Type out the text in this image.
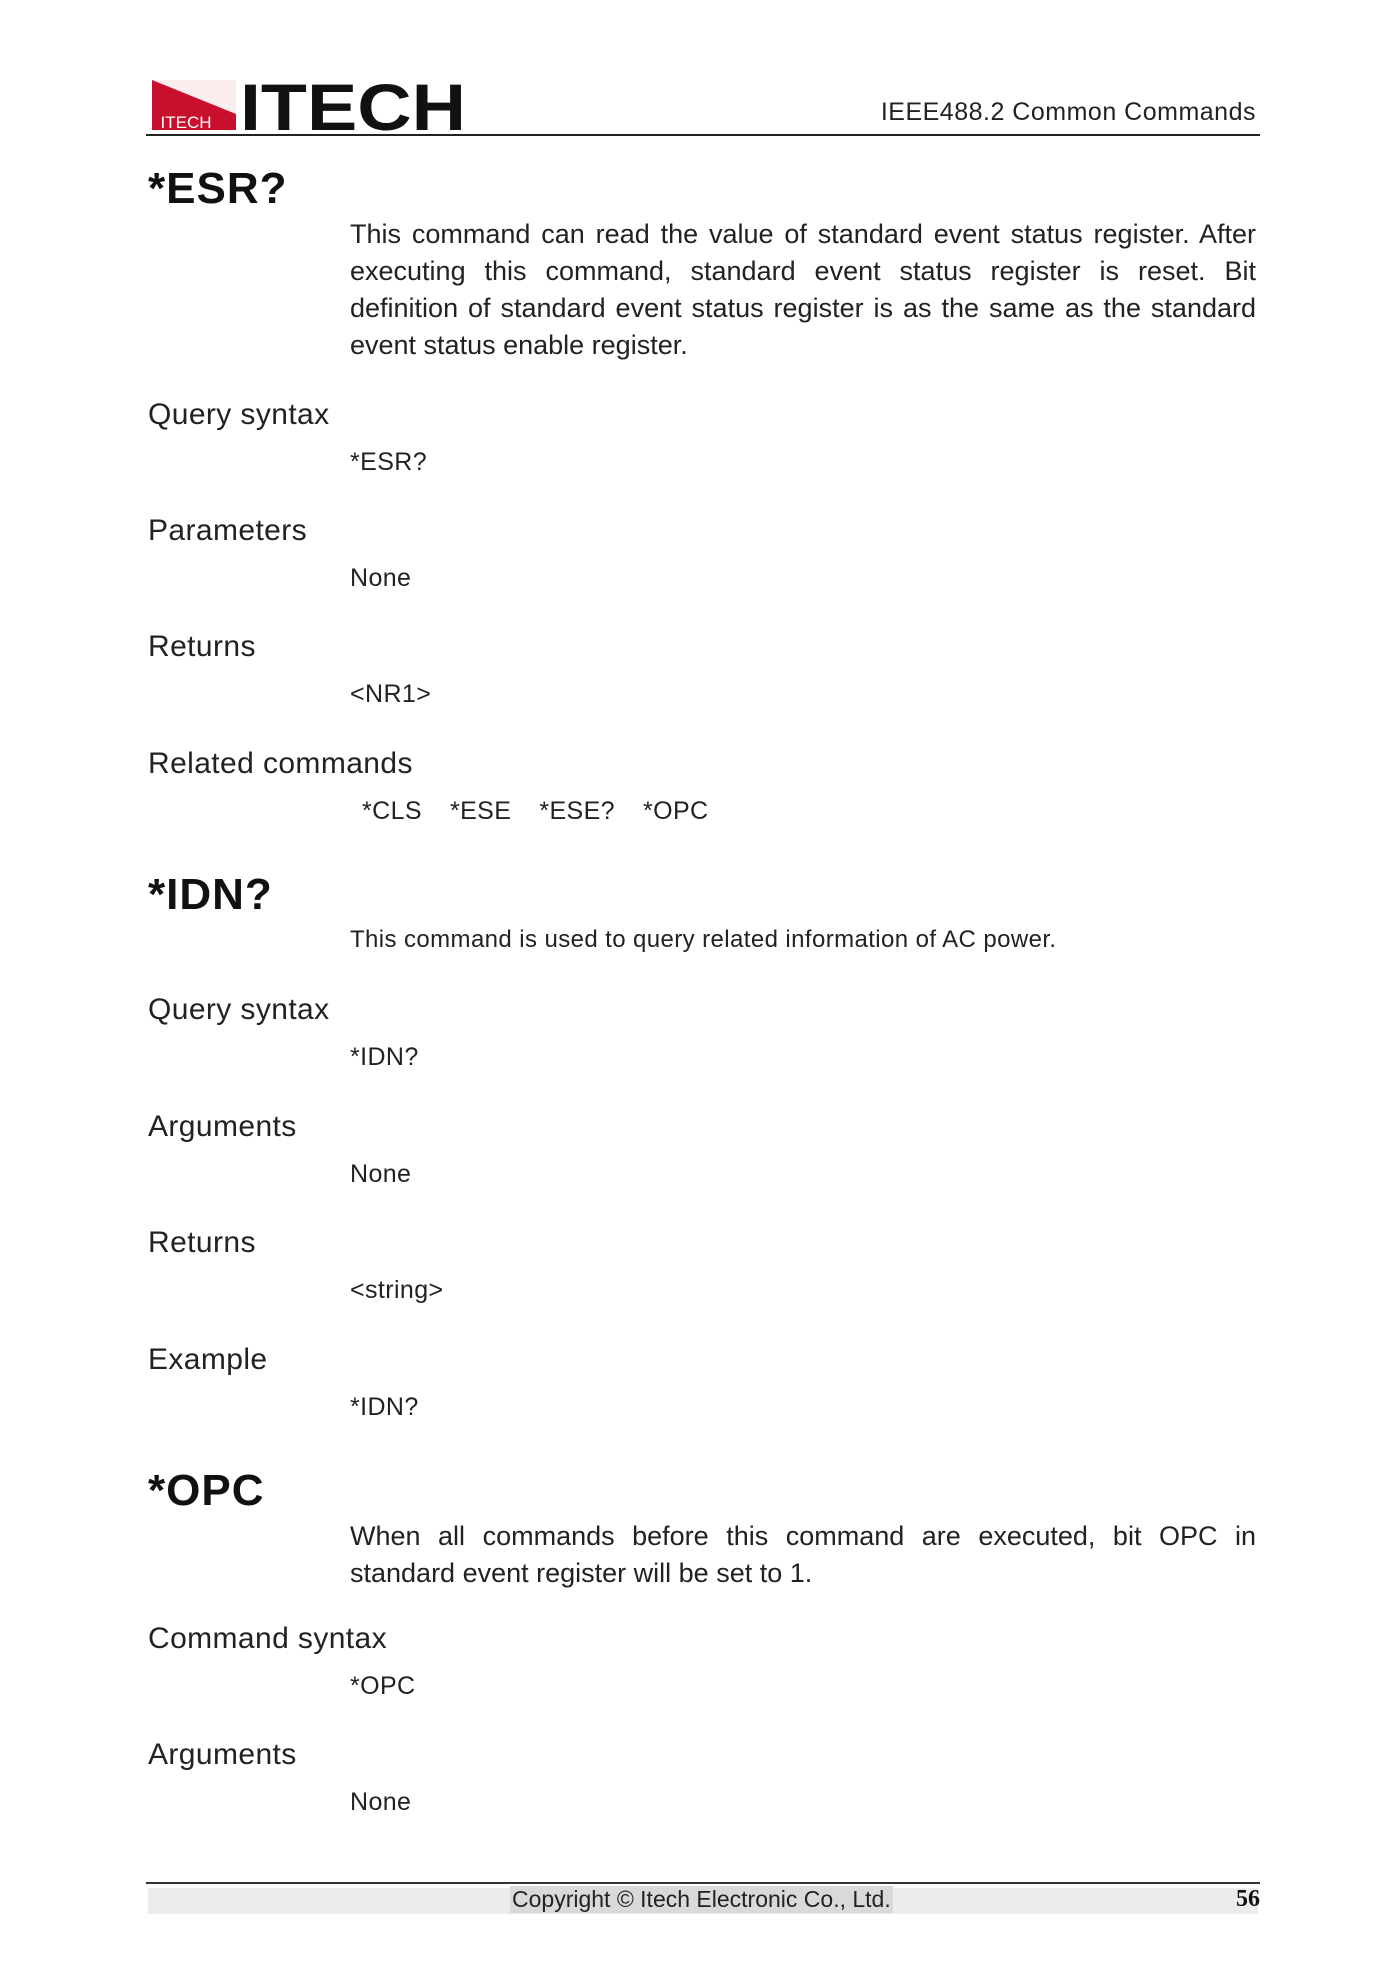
ITECH ITECH	IEEE488.2 Common Commands
*ESR?
This command can read the value of standard event status register. After executing this command, standard event status register is reset. Bit definition of standard event status register is as the same as the standard event status enable register.
Query syntax
*ESR?
Parameters
None
Returns
<NR1>
Related commands
*CLS *ESE *ESE? *OPC
*IDN?
This command is used to query related information of AC power.
Query syntax
*IDN?
Arguments
None
Returns
<string>
Example
*IDN?
*OPC
When all commands before this command are executed, bit OPC in standard event register will be set to 1.
Command syntax
*OPC
Arguments
None
Copyright © Itech Electronic Co., Ltd.	56
